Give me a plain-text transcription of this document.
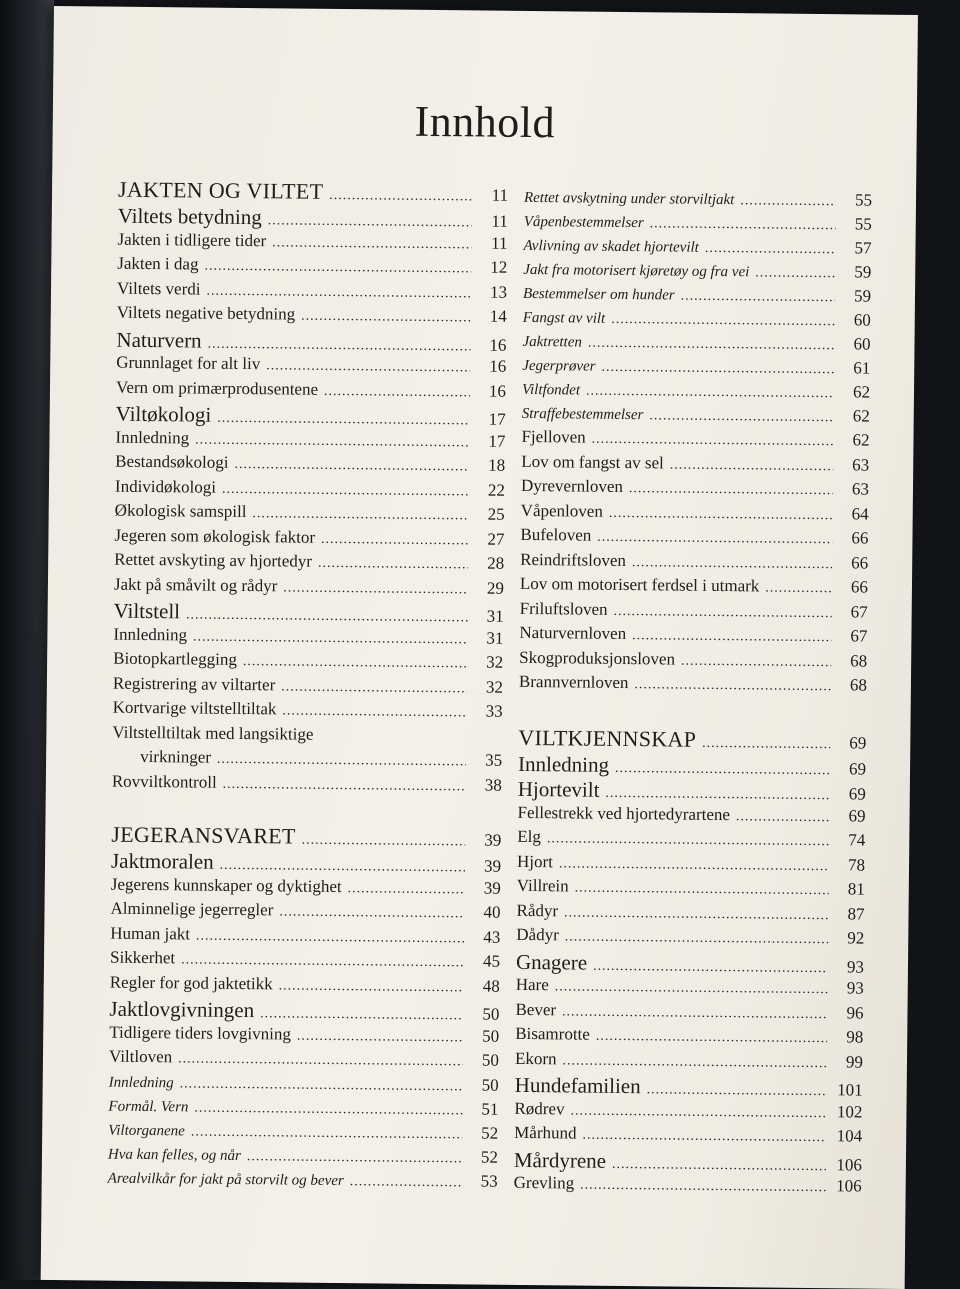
Innhold
JAKTEN OG VILTET .....	11
Viltets betydning .....	11
Jakten i tidligere tider .....	11
Jakten i dag .....	12
Viltets verdi .....	13
Viltets negative betydning .....	14
Naturvern .....	16
Grunnlaget for alt liv .....	16
Vern om primærprodusentene .....	16
Viltøkologi .....	17
Innledning .....	17
Bestandsøkologi .....	18
Individøkologi .....	22
Økologisk samspill .....	25
Jegeren som økologisk faktor .....	27
Rettet avskyting av hjortedyr .....	28
Jakt på småvilt og rådyr .....	29
Viltstell .....	31
Innledning .....	31
Biotopkartlegging .....	32
Registrering av viltarter .....	32
Kortvarige viltstelltiltak .....	33
Viltstelltiltak med langsiktige
virkninger .....	35
Rovviltkontroll .....	38
JEGERANSVARET .....	39
Jaktmoralen .....	39
Jegerens kunnskaper og dyktighet .....	39
Alminnelige jegerregler .....	40
Human jakt .....	43
Sikkerhet .....	45
Regler for god jaktetikk .....	48
Jaktlovgivningen .....	50
Tidligere tiders lovgivning .....	50
Viltloven .....	50
Innledning .....	50
Formål. Vern .....	51
Viltorganene .....	52
Hva kan felles, og når .....	52
Arealvilkår for jakt på storvilt og bever .....	53
Rettet avskytning under storviltjakt .....	55
Våpenbestemmelser .....	55
Avlivning av skadet hjortevilt .....	57
Jakt fra motorisert kjøretøy og fra vei .....	59
Bestemmelser om hunder .....	59
Fangst av vilt .....	60
Jaktretten .....	60
Jegerprøver .....	61
Viltfondet .....	62
Straffebestemmelser .....	62
Fjelloven .....	62
Lov om fangst av sel .....	63
Dyrevernloven .....	63
Våpenloven .....	64
Bufeloven .....	66
Reindriftsloven .....	66
Lov om motorisert ferdsel i utmark .....	66
Friluftsloven .....	67
Naturvernloven .....	67
Skogproduksjonsloven .....	68
Brannvernloven .....	68
VILTKJENNSKAP .....	69
Innledning .....	69
Hjortevilt .....	69
Fellestrekk ved hjortedyrartene .....	69
Elg .....	74
Hjort .....	78
Villrein .....	81
Rådyr .....	87
Dådyr .....	92
Gnagere .....	93
Hare .....	93
Bever .....	96
Bisamrotte .....	98
Ekorn .....	99
Hundefamilien .....	101
Rødrev .....	102
Mårhund .....	104
Mårdyrene .....	106
Grevling .....	106
